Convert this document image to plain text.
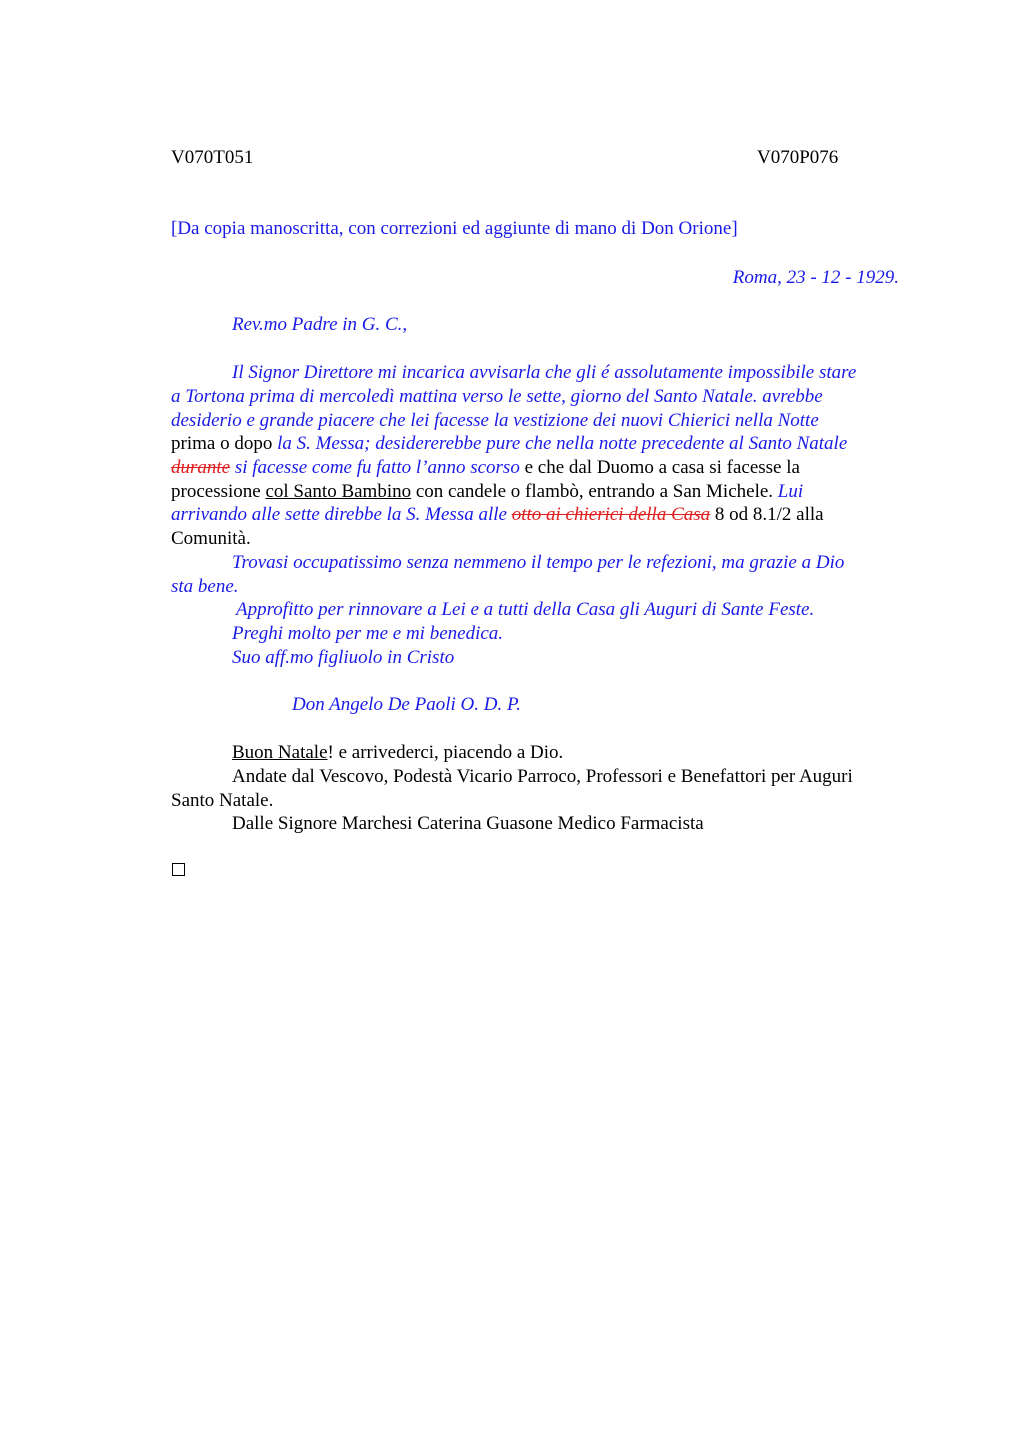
V070T051	V070P076
[Da copia manoscritta, con correzioni ed aggiunte di mano di Don Orione]
Roma, 23 - 12 - 1929.
Rev.mo Padre in G. C.,
Il Signor Direttore mi incarica avvisarla che gli é assolutamente impossibile stare
a Tortona prima di mercoledì mattina verso le sette, giorno del Santo Natale. avrebbe
desiderio e grande piacere che lei facesse la vestizione dei nuovi Chierici nella Notte
prima o dopo la S. Messa; desidererebbe pure che nella notte precedente al Santo Natale
durante si facesse come fu fatto l’anno scorso e che dal Duomo a casa si facesse la
processione col Santo Bambino con candele o flambò, entrando a San Michele. Lui
arrivando alle sette direbbe la S. Messa alle otto ai chierici della Casa 8 od 8.1/2 alla
Comunità.
Trovasi occupatissimo senza nemmeno il tempo per le refezioni, ma grazie a Dio
sta bene.
Approfitto per rinnovare a Lei e a tutti della Casa gli Auguri di Sante Feste.
Preghi molto per me e mi benedica.
Suo aff.mo figliuolo in Cristo
Don Angelo De Paoli O. D. P.
Buon Natale! e arrivederci, piacendo a Dio.
Andate dal Vescovo, Podestà Vicario Parroco, Professori e Benefattori per Auguri
Santo Natale.
Dalle Signore Marchesi Caterina Guasone Medico Farmacista
